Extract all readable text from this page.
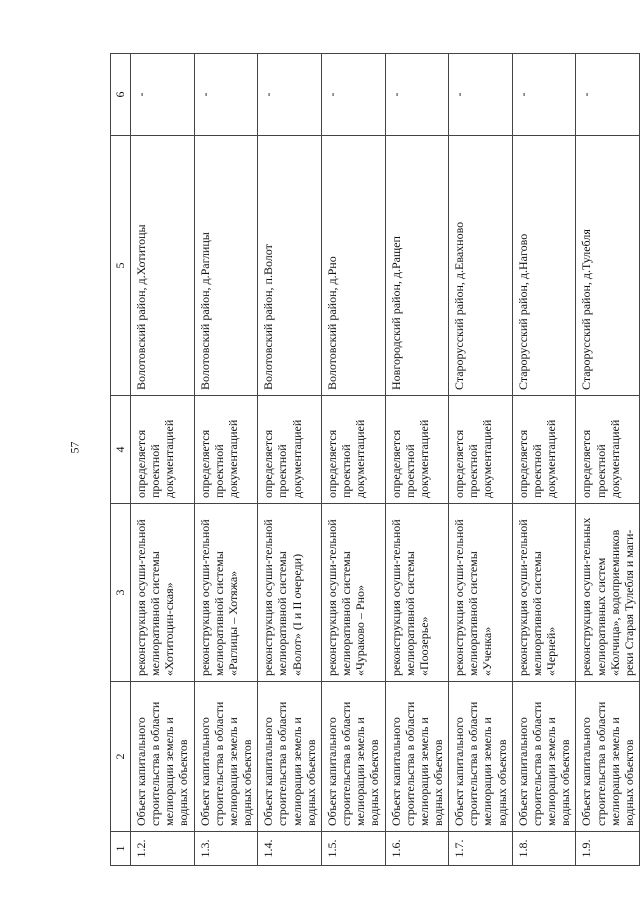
57
1	2	3	4	5	6
1.2.	Объект капитального строительства в области мелиорации земель и водных объектов	реконструкция осуши-тельной мелиоративной системы «Хотитоцин-ская»	определяется проектной документацией	Волотовский район, д.Хотитоцы	-
1.3.	Объект капитального строительства в области мелиорации земель и водных объектов	реконструкция осуши-тельной мелиоративной системы «Раглицы – Хотяжа»	определяется проектной документацией	Волотовский район, д.Раглицы	-
1.4.	Объект капитального строительства в области мелиорации земель и водных объектов	реконструкция осуши-тельной мелиоративной системы «Волот» (I и II очереди)	определяется проектной документацией	Волотовский район, п.Волот	-
1.5.	Объект капитального строительства в области мелиорации земель и водных объектов	реконструкция осуши-тельной мелиоративной системы «Чураково – Рно»	определяется проектной документацией	Волотовский район, д.Рно	-
1.6.	Объект капитального строительства в области мелиорации земель и водных объектов	реконструкция осуши-тельной мелиоративной системы «Поозерье»	определяется проектной документацией	Новгородский район, д.Ращеп	-
1.7.	Объект капитального строительства в области мелиорации земель и водных объектов	реконструкция осуши-тельной мелиоративной системы «Ученка»	определяется проектной документацией	Старорусский район, д.Евахново	-
1.8.	Объект капитального строительства в области мелиорации земель и водных объектов	реконструкция осуши-тельной мелиоративной системы «Черней»	определяется проектной документацией	Старорусский район, д.Нагово	-
1.9.	Объект капитального строительства в области мелиорации земель и водных объектов	реконструкция осуши-тельных мелиоративных систем «Колчица», водоприемников реки Старая Тулебля и маги-	определяется проектной документацией	Старорусский район, д.Тулебля	-
